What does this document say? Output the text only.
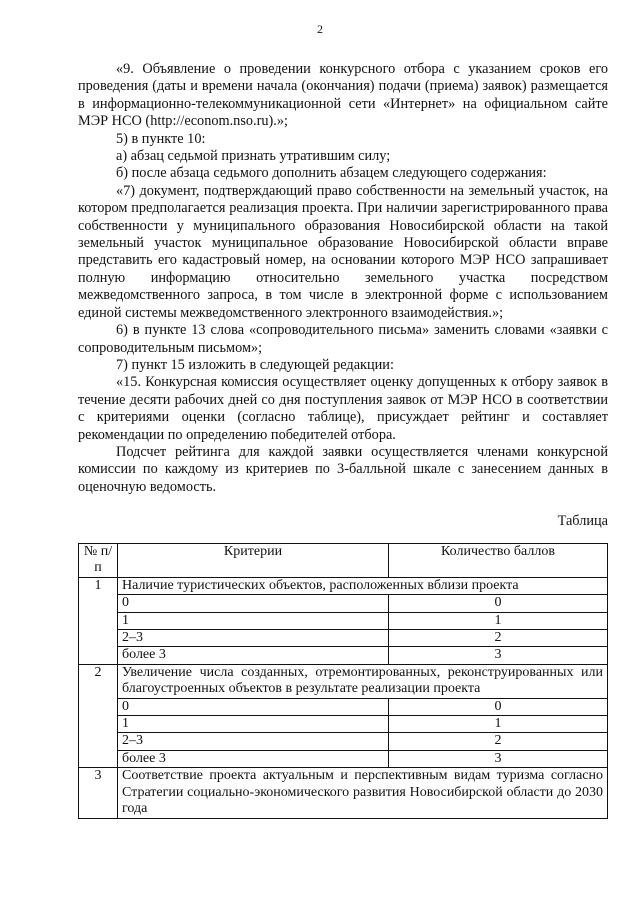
2

«9. Объявление о проведении конкурсного отбора с указанием сроков его проведения (даты и времени начала (окончания) подачи (приема) заявок) размещается в информационно-телекоммуникационной сети «Интернет» на официальном сайте МЭР НСО (http://econom.nso.ru).»;

5) в пункте 10:

а) абзац седьмой признать утратившим силу;

б) после абзаца седьмого дополнить абзацем следующего содержания:

«7) документ, подтверждающий право собственности на земельный участок, на котором предполагается реализация проекта. При наличии зарегистрированного права собственности у муниципального образования Новосибирской области на такой земельный участок муниципальное образование Новосибирской области вправе представить его кадастровый номер, на основании которого МЭР НСО запрашивает полную информацию относительно земельного участка посредством межведомственного запроса, в том числе в электронной форме с использованием единой системы межведомственного электронного взаимодействия.»;

6) в пункте 13 слова «сопроводительного письма» заменить словами «заявки с сопроводительным письмом»;

7) пункт 15 изложить в следующей редакции:

«15. Конкурсная комиссия осуществляет оценку допущенных к отбору заявок в течение десяти рабочих дней со дня поступления заявок от МЭР НСО в соответствии с критериями оценки (согласно таблице), присуждает рейтинг и составляет рекомендации по определению победителей отбора.

Подсчет рейтинга для каждой заявки осуществляется членами конкурсной комиссии по каждому из критериев по 3-балльной шкале с занесением данных в оценочную ведомость.

Таблица
№ п/п	Критерии	Количество баллов
1	Наличие туристических объектов, расположенных вблизи проекта	
	0	0
	1	1
	2–3	2
	более 3	3
2	Увеличение числа созданных, отремонтированных, реконструированных или благоустроенных объектов в результате реализации проекта	
	0	0
	1	1
	2–3	2
	более 3	3
3	Соответствие проекта актуальным и перспективным видам туризма согласно Стратегии социально-экономического развития Новосибирской области до 2030 года	
